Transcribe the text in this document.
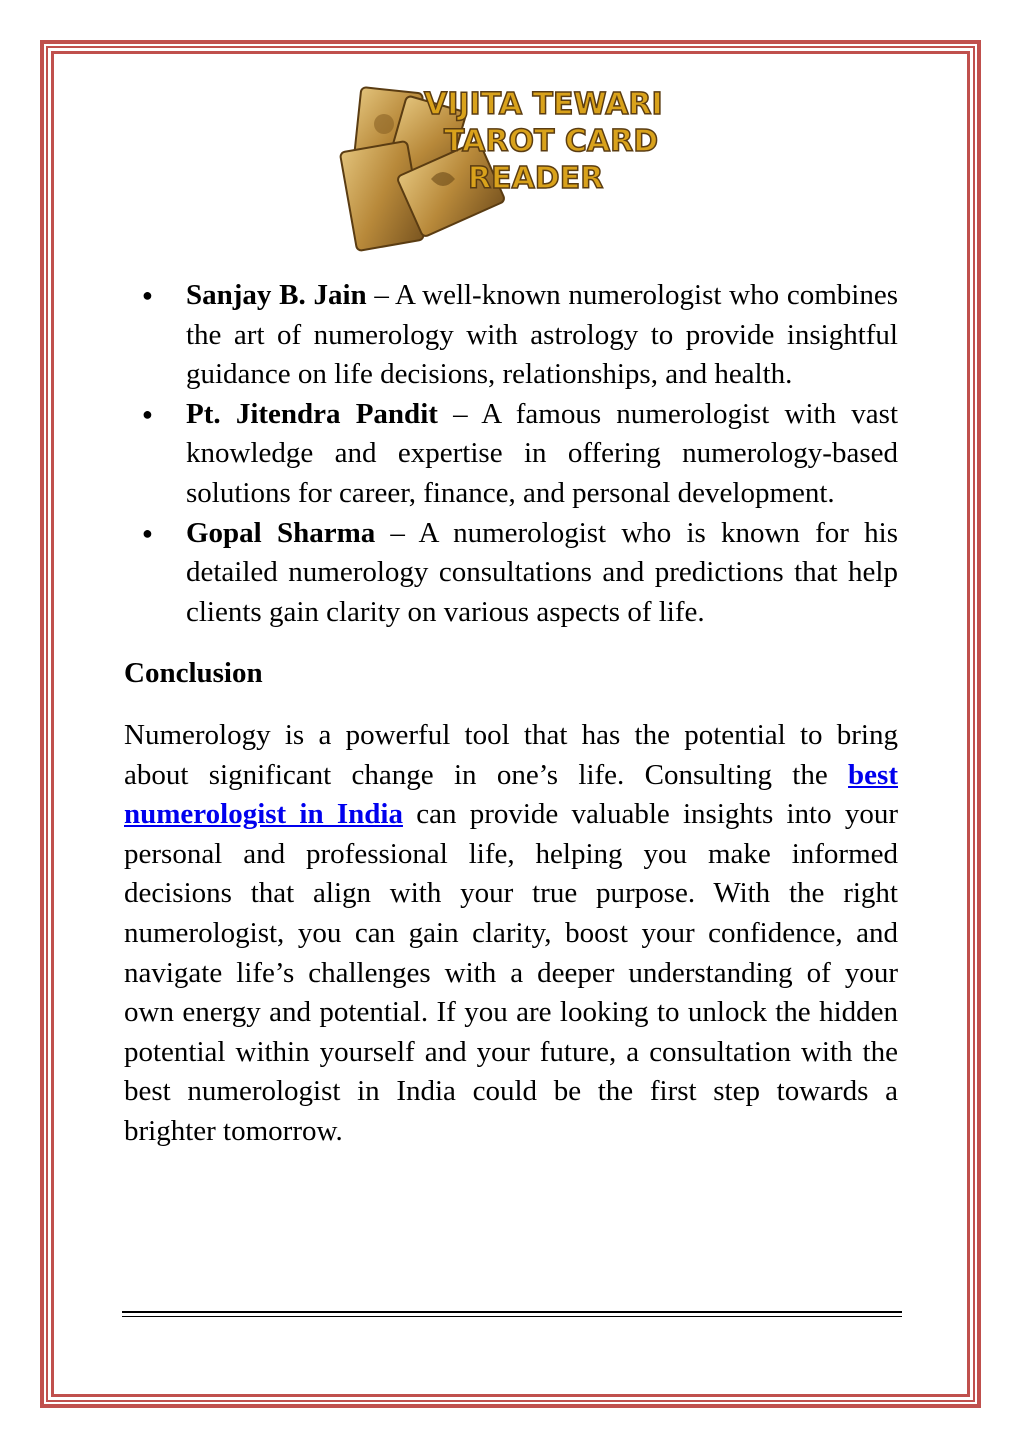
VIJITA TEWARI
TAROT CARD
READER
● Sanjay B. Jain – A well-known numerologist who combines the art of numerology with astrology to provide insightful guidance on life decisions, relationships, and health.
● Pt. Jitendra Pandit – A famous numerologist with vast knowledge and expertise in offering numerology-based solutions for career, finance, and personal development.
● Gopal Sharma – A numerologist who is known for his detailed numerology consultations and predictions that help clients gain clarity on various aspects of life.
Conclusion

Numerology is a powerful tool that has the potential to bring about significant change in one’s life. Consulting the best numerologist in India can provide valuable insights into your personal and professional life, helping you make informed decisions that align with your true purpose. With the right numerologist, you can gain clarity, boost your confidence, and navigate life’s challenges with a deeper understanding of your own energy and potential. If you are looking to unlock the hidden potential within yourself and your future, a consultation with the best numerologist in India could be the first step towards a brighter tomorrow.
